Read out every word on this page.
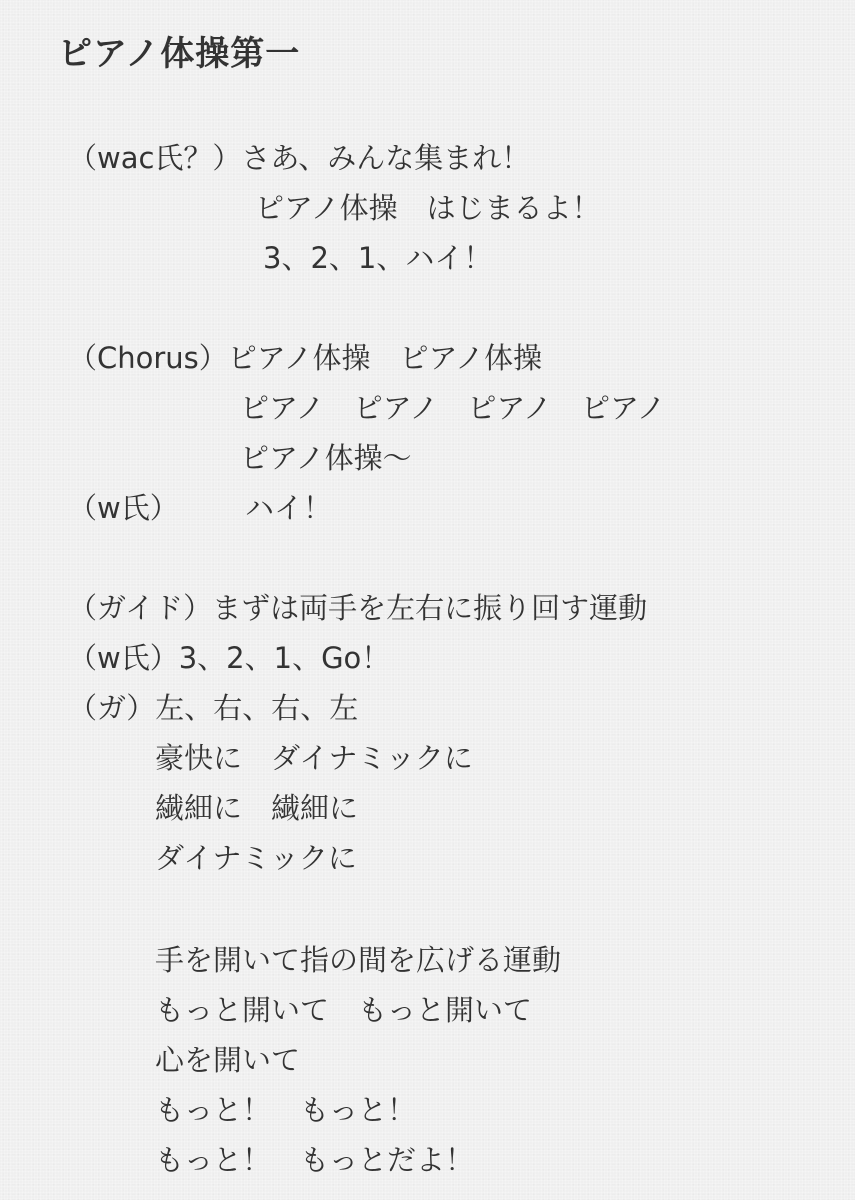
ピアノ体操第一
（wac氏？）さあ、みんな集まれ！
ピアノ体操　はじまるよ！
3、2、1、ハイ！
（Chorus）ピアノ体操　ピアノ体操
ピアノ　ピアノ　ピアノ　ピアノ
ピアノ体操〜
（w氏） ハイ！
（ガイド）まずは両手を左右に振り回す運動
（w氏）3、2、1、Go！
（ガ）左、右、右、左
豪快に　ダイナミックに
繊細に　繊細に
ダイナミックに
手を開いて指の間を広げる運動
もっと開いて　もっと開いて
心を開いて
もっと！　もっと！
もっと！　もっとだよ！
